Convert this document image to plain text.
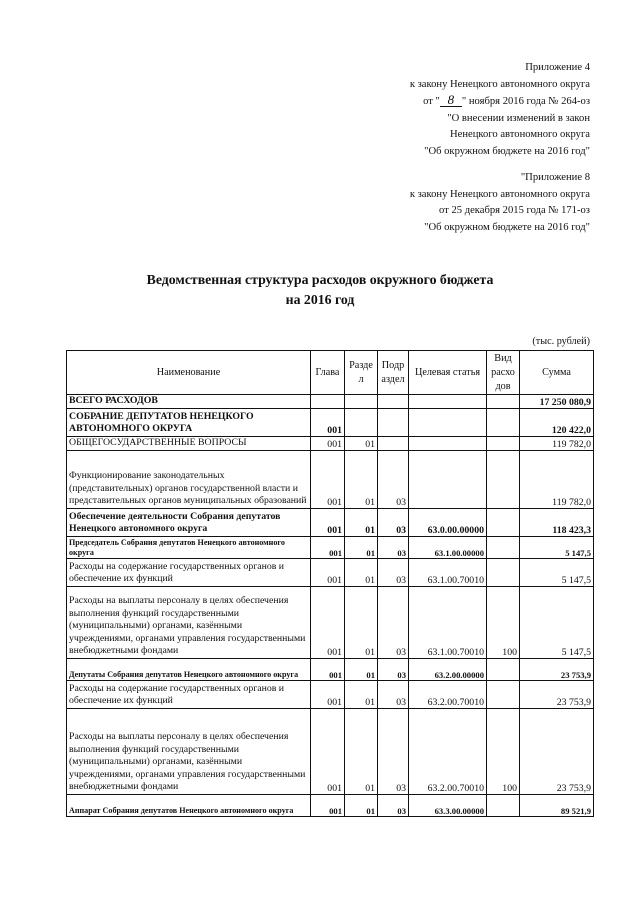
Приложение 4
к закону Ненецкого автономного округа
от " 8 " ноября 2016 года № 264-оз
"О внесении изменений в закон
Ненецкого автономного округа
"Об окружном бюджете на 2016 год"
"Приложение 8
к закону Ненецкого автономного округа
от 25 декабря 2015 года № 171-оз
"Об окружном бюджете на 2016 год"
Ведомственная структура расходов окружного бюджета
на 2016 год
(тыс. рублей)
Наименование	Глава	Разде л	Подр аздел	Целевая статья	Вид расхо дов	Сумма
ВСЕГО РАСХОДОВ						17 250 080,9
СОБРАНИЕ ДЕПУТАТОВ НЕНЕЦКОГО АВТОНОМНОГО ОКРУГА	001					120 422,0
ОБЩЕГОСУДАРСТВЕННЫЕ ВОПРОСЫ	001	01				119 782,0
Функционирование законодательных (представительных) органов государственной власти и представительных органов муниципальных образований	001	01	03			119 782,0
Обеспечение деятельности Собрания депутатов Ненецкого автономного округа	001	01	03	63.0.00.00000		118 423,3
Председатель Собрания депутатов Ненецкого автономного округа	001	01	03	63.1.00.00000		5 147,5
Расходы на содержание государственных органов и обеспечение их функций	001	01	03	63.1.00.70010		5 147,5
Расходы на выплаты персоналу в целях обеспечения выполнения функций государственными (муниципальными) органами, казёнными учреждениями, органами управления государственными внебюджетными фондами	001	01	03	63.1.00.70010	100	5 147,5
Депутаты Собрания депутатов Ненецкого автономного округа	001	01	03	63.2.00.00000		23 753,9
Расходы на содержание государственных органов и обеспечение их функций	001	01	03	63.2.00.70010		23 753,9
Расходы на выплаты персоналу в целях обеспечения выполнения функций государственными (муниципальными) органами, казёнными учреждениями, органами управления государственными внебюджетными фондами	001	01	03	63.2.00.70010	100	23 753,9
Аппарат Собрания депутатов Ненецкого автономного округа	001	01	03	63.3.00.00000		89 521,9
